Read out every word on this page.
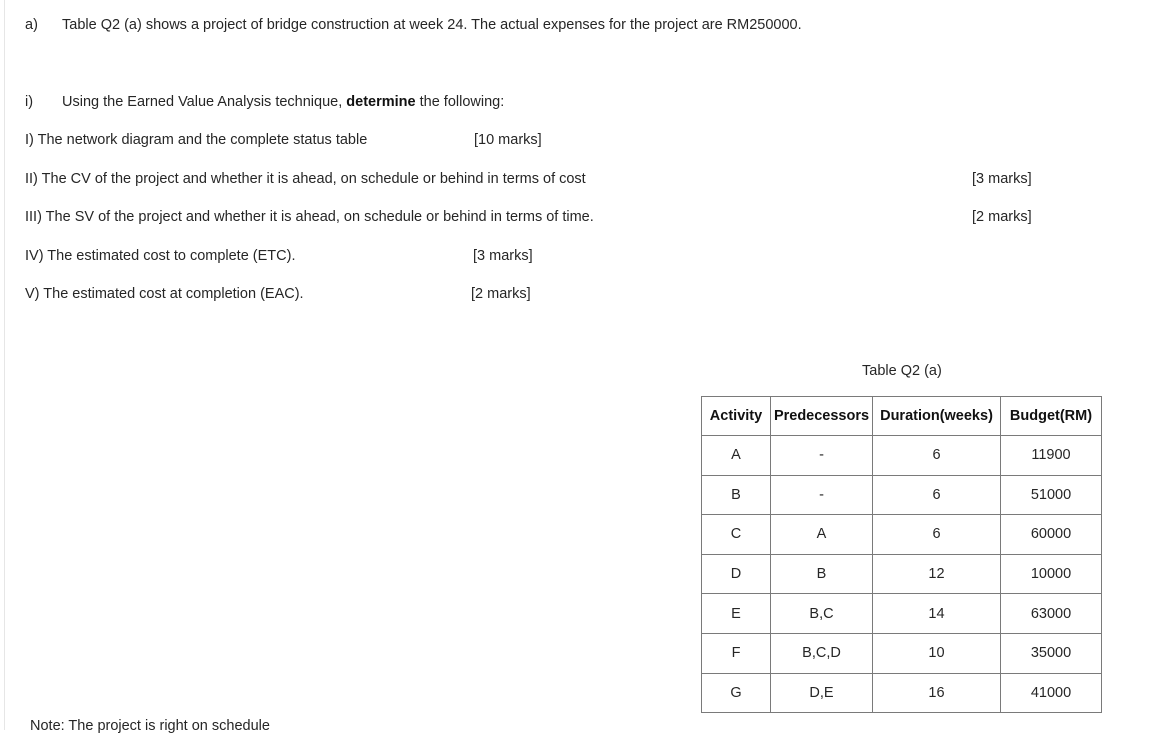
a) Table Q2 (a) shows a project of bridge construction at week 24. The actual expenses for the project are RM250000.
i) Using the Earned Value Analysis technique, determine the following:
I) The network diagram and the complete status table	[10 marks]
II) The CV of the project and whether it is ahead, on schedule or behind in terms of cost	[3 marks]
III) The SV of the project and whether it is ahead, on schedule or behind in terms of time.	[2 marks]
IV) The estimated cost to complete (ETC).	[3 marks]
V) The estimated cost at completion (EAC).	[2 marks]
Table Q2 (a)
Activity	Predecessors	Duration(weeks)	Budget(RM)
A	-	6	11900
B	-	6	51000
C	A	6	60000
D	B	12	10000
E	B,C	14	63000
F	B,C,D	10	35000
G	D,E	16	41000
Note: The project is right on schedule
